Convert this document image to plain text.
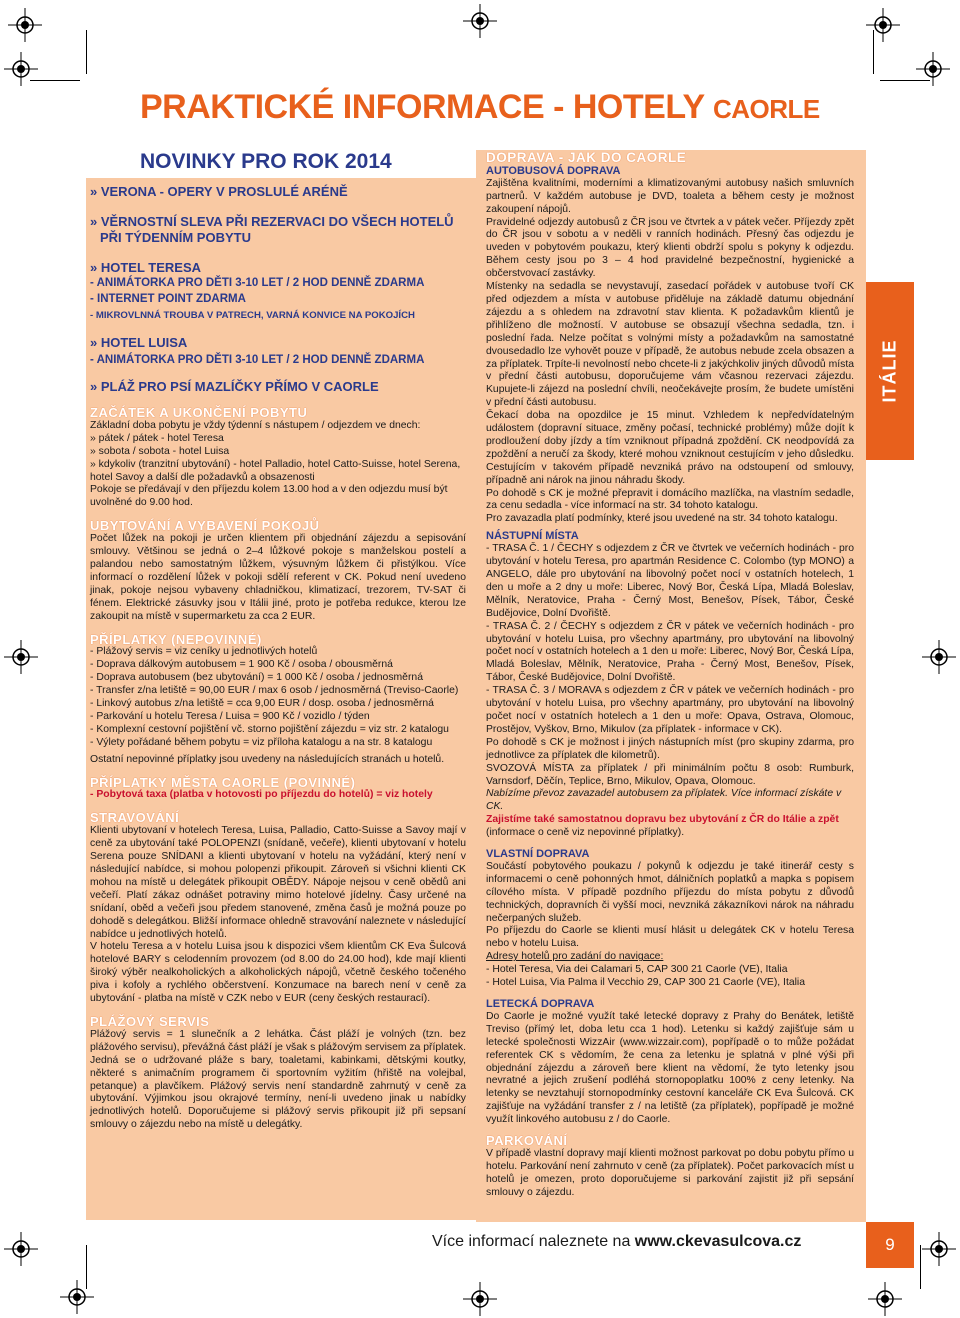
PRAKTICKÉ INFORMACE - HOTELY CAORLE
NOVINKY PRO ROK 2014
ITÁLIE

» VERONA - OPERY V PROSLULÉ ARÉNĚ

» VĚRNOSTNÍ SLEVA PŘI REZERVACI DO VŠECH HOTELŮ

PŘI TÝDENNÍM POBYTU

» HOTEL TERESA

- ANIMÁTORKA PRO DĚTI 3-10 LET / 2 HOD DENNĚ ZDARMA

- INTERNET POINT ZDARMA

- MIKROVLNNÁ TROUBA V PATRECH, VARNÁ KONVICE NA POKOJÍCH

» HOTEL LUISA

- ANIMÁTORKA PRO DĚTI 3-10 LET / 2 HOD DENNĚ ZDARMA

» PLÁŽ PRO PSÍ MAZLÍČKY PŘÍMO V CAORLE

ZAČÁTEK A UKONČENÍ POBYTU

Základní doba pobytu je vždy týdenní s nástupem / odjezdem ve dnech:

» pátek / pátek - hotel Teresa

» sobota / sobota - hotel Luisa

» kdykoliv (tranzitní ubytování) - hotel Palladio, hotel Catto-Suisse, hotel Serena, hotel Savoy a další dle požadavků a obsazenosti

Pokoje se předávají v den příjezdu kolem 13.00 hod a v den odjezdu musí být uvolněné do 9.00 hod.

UBYTOVÁNÍ A VYBAVENÍ POKOJŮ

Počet lůžek na pokoji je určen klientem při objednání zájezdu a sepisování smlouvy. Většinou se jedná o 2–4 lůžkové pokoje s manželskou postelí a palandou nebo samostatným lůžkem, výsuvným lůžkem či přistýlkou. Více informací o rozdělení lůžek v pokoji sdělí referent v CK. Pokud není uvedeno jinak, pokoje nejsou vybaveny chladničkou, klimatizací, trezorem, TV-SAT či fénem. Elektrické zásuvky jsou v Itálii jiné, proto je potřeba redukce, kterou lze zakoupit na místě v supermarketu za cca 2 EUR.

PŘÍPLATKY (NEPOVINNÉ)

- Plážový servis = viz ceníky u jednotlivých hotelů

- Doprava dálkovým autobusem = 1 900 Kč / osoba / obousměrná

- Doprava autobusem (bez ubytování) = 1 000 Kč / osoba / jednosměrná

- Transfer z/na letiště = 90,00 EUR / max 6 osob / jednosměrná (Treviso-Caorle)

- Linkový autobus z/na letiště = cca 9,00 EUR / dosp. osoba / jednosměrná

- Parkování u hotelu Teresa / Luisa = 900 Kč / vozidlo / týden

- Komplexní cestovní pojištění vč. storno pojištění zájezdu = viz str. 2 katalogu

- Výlety pořádané během pobytu = viz příloha katalogu a na str. 8 katalogu

Ostatní nepovinné příplatky jsou uvedeny na následujících stranách u hotelů.

PŘÍPLATKY MĚSTA CAORLE (POVINNÉ)

- Pobytová taxa (platba v hotovosti po příjezdu do hotelů) = viz hotely

STRAVOVÁNÍ

Klienti ubytovaní v hotelech Teresa, Luisa, Palladio, Catto-Suisse a Savoy mají v ceně za ubytování také POLOPENZI (snídaně, večeře), klienti ubytovaní v hotelu Serena pouze SNÍDANI a klienti ubytovaní v hotelu na vyžádání, který není v následující nabídce, si mohou polopenzi přikoupit. Zároveň si všichni klienti CK mohou na místě u delegátek přikoupit OBĚDY. Nápoje nejsou v ceně obědů ani večeří. Platí zákaz odnášet potraviny mimo hotelové jídelny. Časy určené na snídaní, oběd a večeři jsou předem stanovené, změna časů je možná pouze po dohodě s delegátkou. Bližší informace ohledně stravování naleznete v následující nabídce u jednotlivých hotelů.

V hotelu Teresa a v hotelu Luisa jsou k dispozici všem klientům CK Eva Šulcová hotelové BARY s celodenním provozem (od 8.00 do 24.00 hod), kde mají klienti široký výběr nealkoholických a alkoholických nápojů, včetně českého točeného piva i kofoly a rychlého občerstvení. Konzumace na barech není v ceně za ubytování - platba na místě v CZK nebo v EUR (ceny českých restaurací).

PLÁŽOVÝ SERVIS

Plážový servis = 1 slunečník a 2 lehátka. Část pláží je volných (tzn. bez plážového servisu), převážná část pláží je však s plážovým servisem za příplatek. Jedná se o udržované pláže s bary, toaletami, kabinkami, dětskými koutky, některé s animačním programem či sportovním vyžitím (hřiště na volejbal, petanque) a plavčíkem. Plážový servis není standardně zahrnutý v ceně za ubytování. Výjimkou jsou okrajové termíny, není-li uvedeno jinak u nabídky jednotlivých hotelů. Doporučujeme si plážový servis přikoupit již při sepsaní smlouvy o zájezdu nebo na místě u delegátky.

DOPRAVA - JAK DO CAORLE

AUTOBUSOVÁ DOPRAVA

Zajištěna kvalitními, moderními a klimatizovanými autobusy našich smluvních partnerů. V každém autobuse je DVD, toaleta a během cesty je možnost zakoupení nápojů.

Pravidelné odjezdy autobusů z ČR jsou ve čtvrtek a v pátek večer. Příjezdy zpět do ČR jsou v sobotu a v neděli v ranních hodinách. Přesný čas odjezdu je uveden v pobytovém poukazu, který klienti obdrží spolu s pokyny k odjezdu. Během cesty jsou po 3 – 4 hod pravidelné bezpečnostní, hygienické a občerstvovací zastávky.

Místenky na sedadla se nevystavují, zasedací pořádek v autobuse tvoří CK před odjezdem a místa v autobuse přiděluje na základě datumu objednání zájezdu a s ohledem na zdravotní stav klienta. K požadavkům klientů je přihlíženo dle možností. V autobuse se obsazují všechna sedadla, tzn. i poslední řada. Nelze počítat s volnými místy a požadavkům na samostatné dvousedadlo lze vyhovět pouze v případě, že autobus nebude zcela obsazen a za příplatek. Trpíte-li nevolností nebo chcete-li z jakýchkoliv jiných důvodů místa v přední části autobusu, doporučujeme vám včasnou rezervaci zájezdu. Kupujete-li zájezd na poslední chvíli, neočekávejte prosím, že budete umístěni v přední části autobusu.

Čekací doba na opozdilce je 15 minut. Vzhledem k nepředvídatelným událostem (dopravní situace, změny počasí, technické problémy) může dojít k prodloužení doby jízdy a tím vzniknout případná zpoždění. CK neodpovídá za zpoždění a neručí za škody, které mohou vzniknout cestujícím v jeho důsledku. Cestujícím v takovém případě nevzniká právo na odstoupení od smlouvy, případně ani nárok na jinou náhradu škody.

Po dohodě s CK je možné přepravit i domácího mazlíčka, na vlastním sedadle, za cenu sedadla - více informací na str. 34 tohoto katalogu.

Pro zavazadla platí podmínky, které jsou uvedené na str. 34 tohoto katalogu.

NÁSTUPNÍ MÍSTA

- TRASA Č. 1 / ČECHY s odjezdem z ČR ve čtvrtek ve večerních hodinách - pro ubytování v hotelu Teresa, pro apartmán Residence C. Colombo (typ MONO) a ANGELO, dále pro ubytování na libovolný počet nocí v ostatních hotelech, 1 den u moře a 2 dny u moře: Liberec, Nový Bor, Česká Lípa, Mladá Boleslav, Mělník, Neratovice, Praha - Černý Most, Benešov, Písek, Tábor, České Budějovice, Dolní Dvořiště.

- TRASA Č. 2 / ČECHY s odjezdem z ČR v pátek ve večerních hodinách - pro ubytování v hotelu Luisa, pro všechny apartmány, pro ubytování na libovolný počet nocí v ostatních hotelech a 1 den u moře: Liberec, Nový Bor, Česká Lípa, Mladá Boleslav, Mělník, Neratovice, Praha - Černý Most, Benešov, Písek, Tábor, České Budějovice, Dolní Dvořiště.

- TRASA Č. 3 / MORAVA s odjezdem z ČR v pátek ve večerních hodinách - pro ubytování v hotelu Luisa, pro všechny apartmány, pro ubytování na libovolný počet nocí v ostatních hotelech a 1 den u moře: Opava, Ostrava, Olomouc, Prostějov, Vyškov, Brno, Mikulov (za příplatek - informace v CK).

Po dohodě s CK je možnost i jiných nástupních míst (pro skupiny zdarma, pro jednotlivce za příplatek dle kilometrů).

SVOZOVÁ MÍSTA za příplatek / při minimálním počtu 8 osob: Rumburk, Varnsdorf, Děčín, Teplice, Brno, Mikulov, Opava, Olomouc.

Nabízíme převoz zavazadel autobusem za příplatek. Více informací získáte v CK.

Zajistíme také samostatnou dopravu bez ubytování z ČR do Itálie a zpět

(informace o ceně viz nepovinné příplatky).

VLASTNÍ DOPRAVA

Součástí pobytového poukazu / pokynů k odjezdu je také itinerář cesty s informacemi o ceně pohonných hmot, dálničních poplatků a mapka s popisem cílového místa. V případě pozdního příjezdu do místa pobytu z důvodů technických, dopravních či vyšší moci, nevzniká zákazníkovi nárok na náhradu nečerpaných služeb.

Po příjezdu do Caorle se klienti musí hlásit u delegátek CK v hotelu Teresa nebo v hotelu Luisa.

Adresy hotelů pro zadání do navigace:

- Hotel Teresa, Via dei Calamari 5, CAP 300 21 Caorle (VE), Italia

- Hotel Luisa, Via Palma il Vecchio 29, CAP 300 21 Caorle (VE), Italia

LETECKÁ DOPRAVA

Do Caorle je možné využít také letecké dopravy z Prahy do Benátek, letiště Treviso (přímý let, doba letu cca 1 hod). Letenku si každý zajišťuje sám u letecké společnosti WizzAir (www.wizzair.com), popřípadě o to může požádat referentek CK s vědomím, že cena za letenku je splatná v plné výši při objednání zájezdu a zároveň bere klient na vědomí, že tyto letenky jsou nevratné a jejich zrušení podléhá stornopoplatku 100% z ceny letenky. Na letenky se nevztahují stornopodmínky cestovní kanceláře CK Eva Šulcová. CK zajišťuje na vyžádání transfer z / na letiště (za příplatek), popřípadě je možné využít linkového autobusu z / do Caorle.

PARKOVÁNÍ

V případě vlastní dopravy mají klienti možnost parkovat po dobu pobytu přímo u hotelu. Parkování není zahrnuto v ceně (za příplatek). Počet parkovacích míst u hotelů je omezen, proto doporučujeme si parkování zajistit již při sepsání smlouvy o zájezdu.

Více informací naleznete na www.ckevasulcova.cz	9
